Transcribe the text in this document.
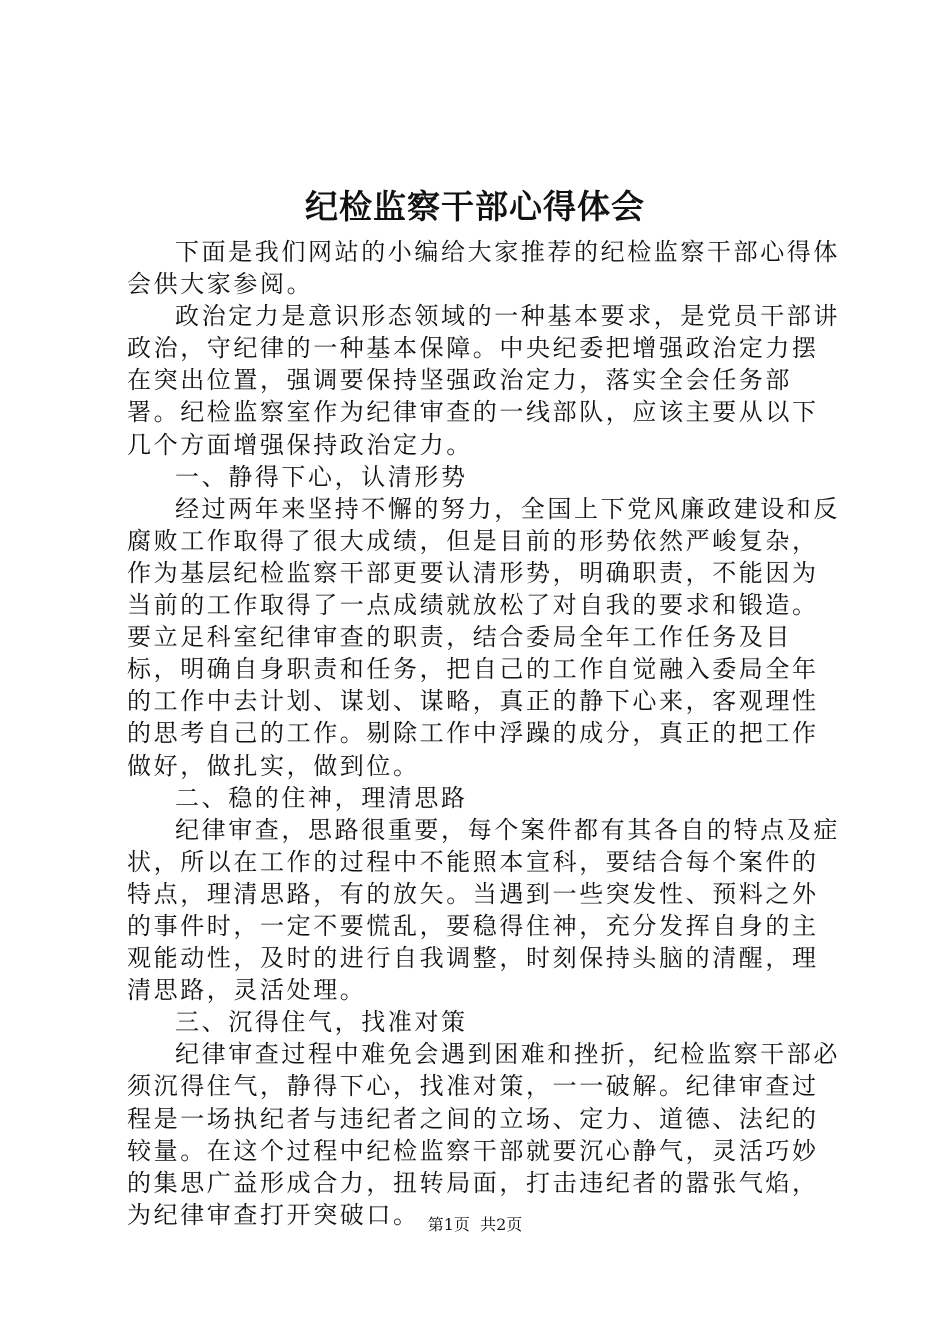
纪检监察干部心得体会

下面是我们网站的小编给大家推荐的纪检监察干部心得体会供大家参阅。

政治定力是意识形态领域的一种基本要求，是党员干部讲政治，守纪律的一种基本保障。中央纪委把增强政治定力摆在突出位置，强调要保持坚强政治定力，落实全会任务部署。纪检监察室作为纪律审查的一线部队，应该主要从以下几个方面增强保持政治定力。

一、静得下心，认清形势

经过两年来坚持不懈的努力，全国上下党风廉政建设和反腐败工作取得了很大成绩，但是目前的形势依然严峻复杂，作为基层纪检监察干部更要认清形势，明确职责，不能因为当前的工作取得了一点成绩就放松了对自我的要求和锻造。要立足科室纪律审查的职责，结合委局全年工作任务及目标，明确自身职责和任务，把自己的工作自觉融入委局全年的工作中去计划、谋划、谋略，真正的静下心来，客观理性的思考自己的工作。剔除工作中浮躁的成分，真正的把工作做好，做扎实，做到位。

二、稳的住神，理清思路

纪律审查，思路很重要，每个案件都有其各自的特点及症状，所以在工作的过程中不能照本宣科，要结合每个案件的特点，理清思路，有的放矢。当遇到一些突发性、预料之外的事件时，一定不要慌乱，要稳得住神，充分发挥自身的主观能动性，及时的进行自我调整，时刻保持头脑的清醒，理清思路，灵活处理。

三、沉得住气，找准对策

纪律审查过程中难免会遇到困难和挫折，纪检监察干部必须沉得住气，静得下心，找准对策，一一破解。纪律审查过程是一场执纪者与违纪者之间的立场、定力、道德、法纪的较量。在这个过程中纪检监察干部就要沉心静气，灵活巧妙的集思广益形成合力，扭转局面，打击违纪者的嚣张气焰，为纪律审查打开突破口。 第1页  共2页
